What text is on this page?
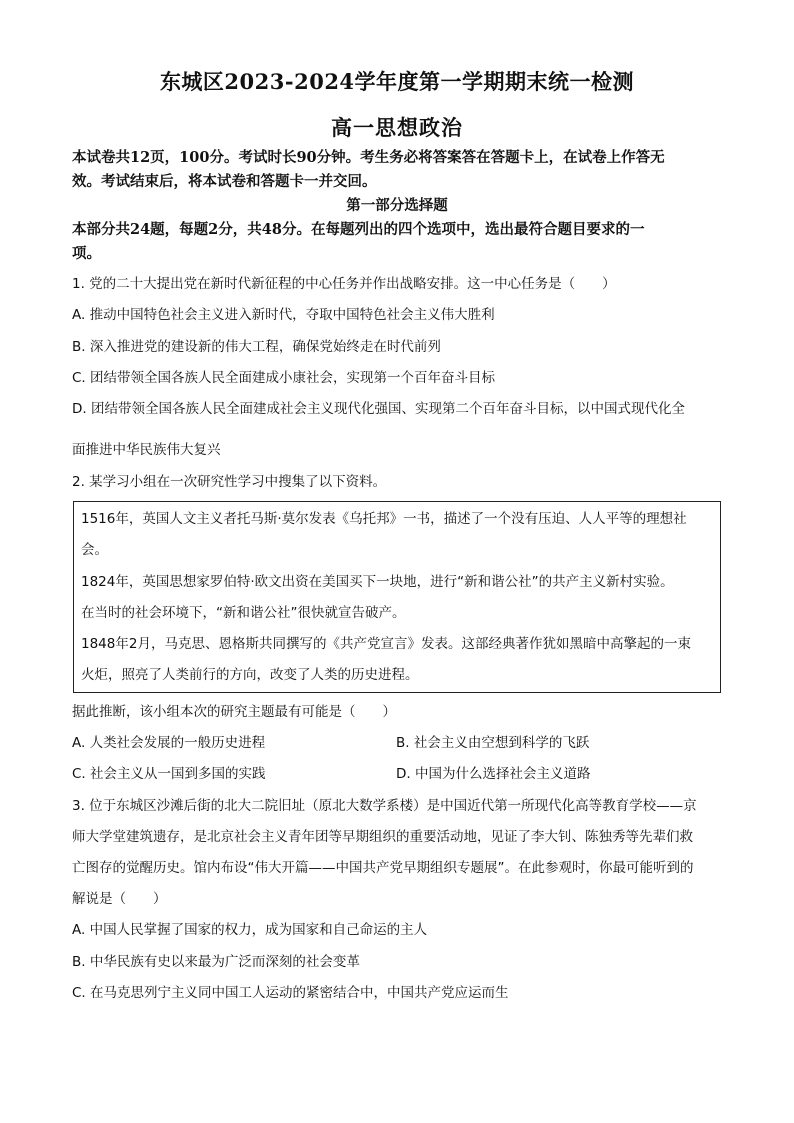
东城区2023-2024学年度第一学期期末统一检测
高一思想政治
本试卷共12页，100分。考试时长90分钟。考生务必将答案答在答题卡上，在试卷上作答无
效。考试结束后，将本试卷和答题卡一并交回。
第一部分选择题
本部分共24题，每题2分，共48分。在每题列出的四个选项中，选出最符合题目要求的一
项。
1. 党的二十大提出党在新时代新征程的中心任务并作出战略安排。这一中心任务是（　　）
A. 推动中国特色社会主义进入新时代，夺取中国特色社会主义伟大胜利
B. 深入推进党的建设新的伟大工程，确保党始终走在时代前列
C. 团结带领全国各族人民全面建成小康社会，实现第一个百年奋斗目标
D. 团结带领全国各族人民全面建成社会主义现代化强国、实现第二个百年奋斗目标，以中国式现代化全
面推进中华民族伟大复兴
2. 某学习小组在一次研究性学习中搜集了以下资料。
1516年，英国人文主义者托马斯·莫尔发表《乌托邦》一书，描述了一个没有压迫、人人平等的理想社
会。
1824年，英国思想家罗伯特·欧文出资在美国买下一块地，进行“新和谐公社”的共产主义新村实验。
在当时的社会环境下，“新和谐公社”很快就宣告破产。
1848年2月，马克思、恩格斯共同撰写的《共产党宣言》发表。这部经典著作犹如黑暗中高擎起的一束
火炬，照亮了人类前行的方向，改变了人类的历史进程。
据此推断，该小组本次的研究主题最有可能是（　　）
A. 人类社会发展的一般历史进程	B. 社会主义由空想到科学的飞跃
C. 社会主义从一国到多国的实践	D. 中国为什么选择社会主义道路
3. 位于东城区沙滩后街的北大二院旧址（原北大数学系楼）是中国近代第一所现代化高等教育学校——京
师大学堂建筑遗存，是北京社会主义青年团等早期组织的重要活动地，见证了李大钊、陈独秀等先辈们救
亡图存的觉醒历史。馆内布设“伟大开篇——中国共产党早期组织专题展”。在此参观时，你最可能听到的
解说是（　　）
A. 中国人民掌握了国家的权力，成为国家和自己命运的主人
B. 中华民族有史以来最为广泛而深刻的社会变革
C. 在马克思列宁主义同中国工人运动的紧密结合中，中国共产党应运而生
